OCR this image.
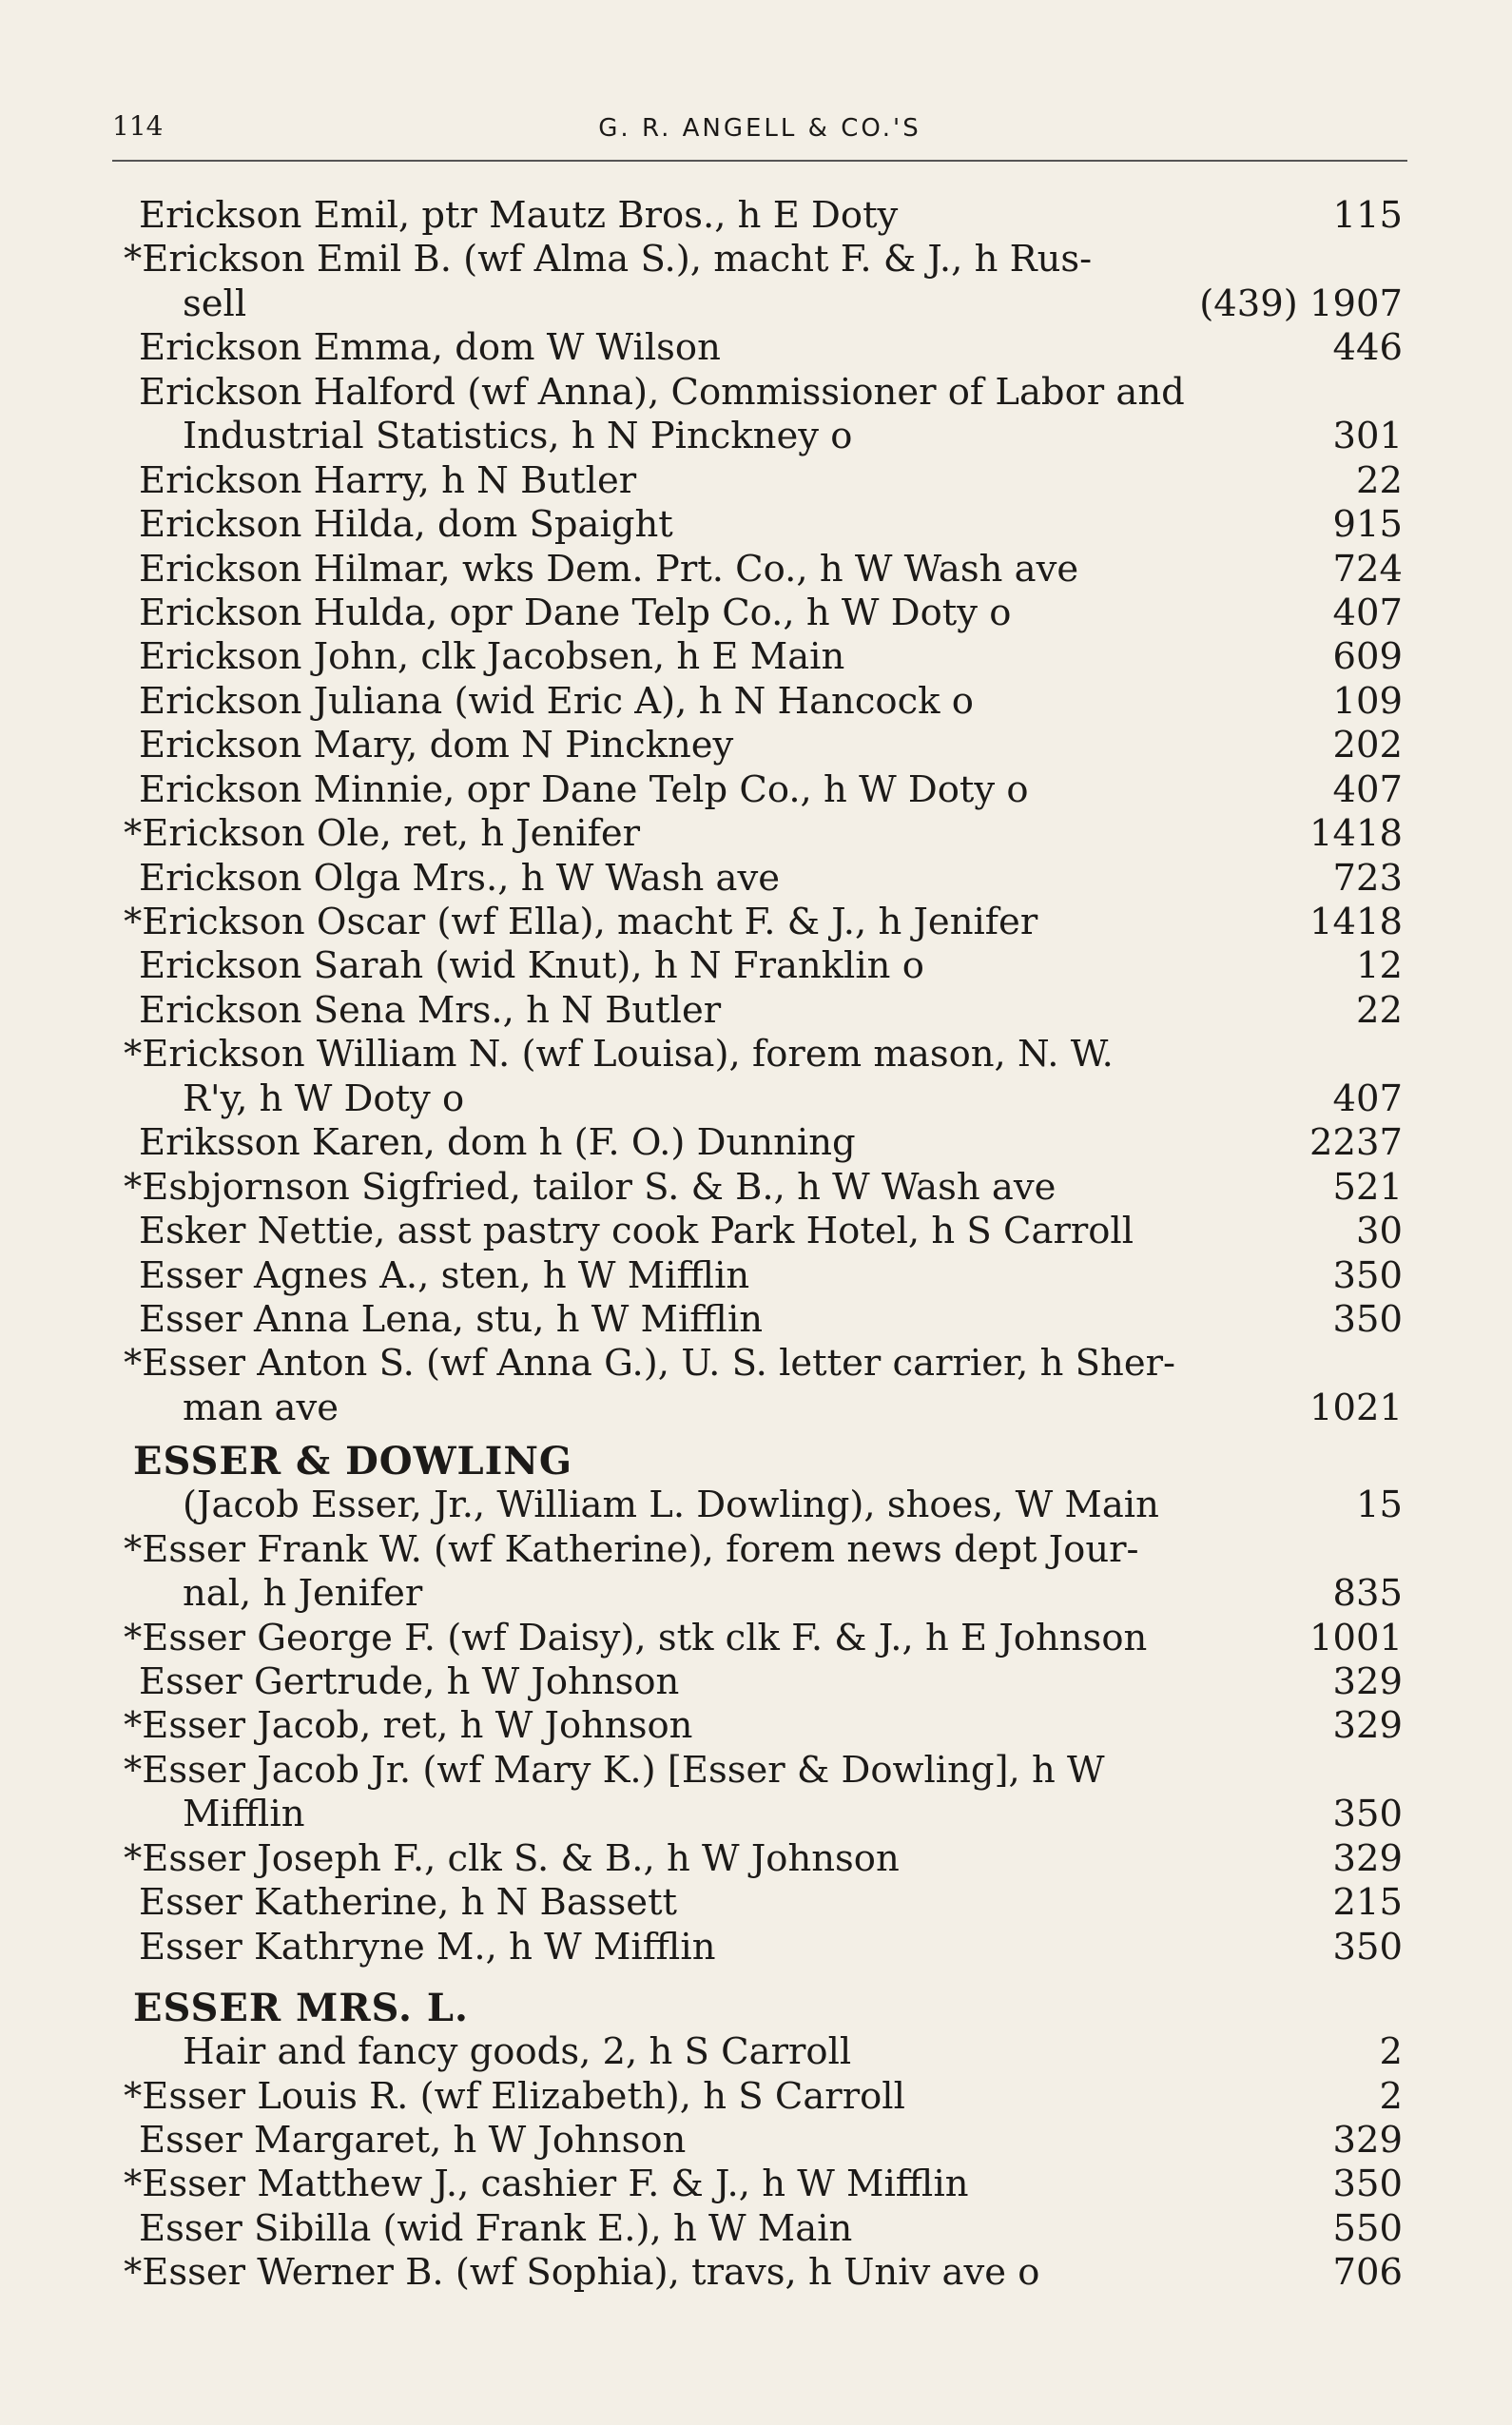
114	G. R. ANGELL & CO.'S
Erickson Emil, ptr Mautz Bros., h E Doty	115
*Erickson Emil B. (wf Alma S.), macht F. & J., h Rus-
sell	(439) 1907
Erickson Emma, dom W Wilson	446
Erickson Halford (wf Anna), Commissioner of Labor and
Industrial Statistics, h N Pinckney o	301
Erickson Harry, h N Butler	22
Erickson Hilda, dom Spaight	915
Erickson Hilmar, wks Dem. Prt. Co., h W Wash ave	724
Erickson Hulda, opr Dane Telp Co., h W Doty o	407
Erickson John, clk Jacobsen, h E Main	609
Erickson Juliana (wid Eric A), h N Hancock o	109
Erickson Mary, dom N Pinckney	202
Erickson Minnie, opr Dane Telp Co., h W Doty o	407
*Erickson Ole, ret, h Jenifer	1418
Erickson Olga Mrs., h W Wash ave	723
*Erickson Oscar (wf Ella), macht F. & J., h Jenifer	1418
Erickson Sarah (wid Knut), h N Franklin o	12
Erickson Sena Mrs., h N Butler	22
*Erickson William N. (wf Louisa), forem mason, N. W.
R'y, h W Doty o	407
Eriksson Karen, dom h (F. O.) Dunning	2237
*Esbjornson Sigfried, tailor S. & B., h W Wash ave	521
Esker Nettie, asst pastry cook Park Hotel, h S Carroll	30
Esser Agnes A., sten, h W Mifflin	350
Esser Anna Lena, stu, h W Mifflin	350
*Esser Anton S. (wf Anna G.), U. S. letter carrier, h Sher-
man ave	1021
ESSER & DOWLING
(Jacob Esser, Jr., William L. Dowling), shoes, W Main	15
*Esser Frank W. (wf Katherine), forem news dept Jour-
nal, h Jenifer	835
*Esser George F. (wf Daisy), stk clk F. & J., h E Johnson	1001
Esser Gertrude, h W Johnson	329
*Esser Jacob, ret, h W Johnson	329
*Esser Jacob Jr. (wf Mary K.) [Esser & Dowling], h W
Mifflin	350
*Esser Joseph F., clk S. & B., h W Johnson	329
Esser Katherine, h N Bassett	215
Esser Kathryne M., h W Mifflin	350
ESSER MRS. L.
Hair and fancy goods, 2, h S Carroll	2
*Esser Louis R. (wf Elizabeth), h S Carroll	2
Esser Margaret, h W Johnson	329
*Esser Matthew J., cashier F. & J., h W Mifflin	350
Esser Sibilla (wid Frank E.), h W Main	550
*Esser Werner B. (wf Sophia), travs, h Univ ave o	706
